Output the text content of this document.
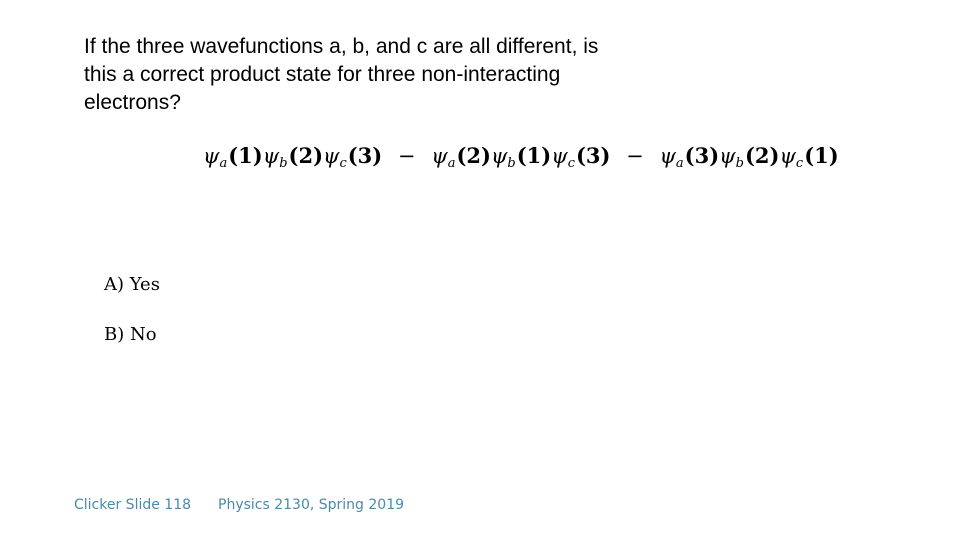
If the three wavefunctions a, b, and c are all different, is
this a correct product state for three non-interacting
electrons?
$\psi_a(1)\psi_b(2)\psi_c(3) - \psi_a(2)\psi_b(1)\psi_c(3) - \psi_a(3)\psi_b(2)\psi_c(1)$
A) Yes
B) No
Clicker Slide 118 Physics 2130, Spring 2019
